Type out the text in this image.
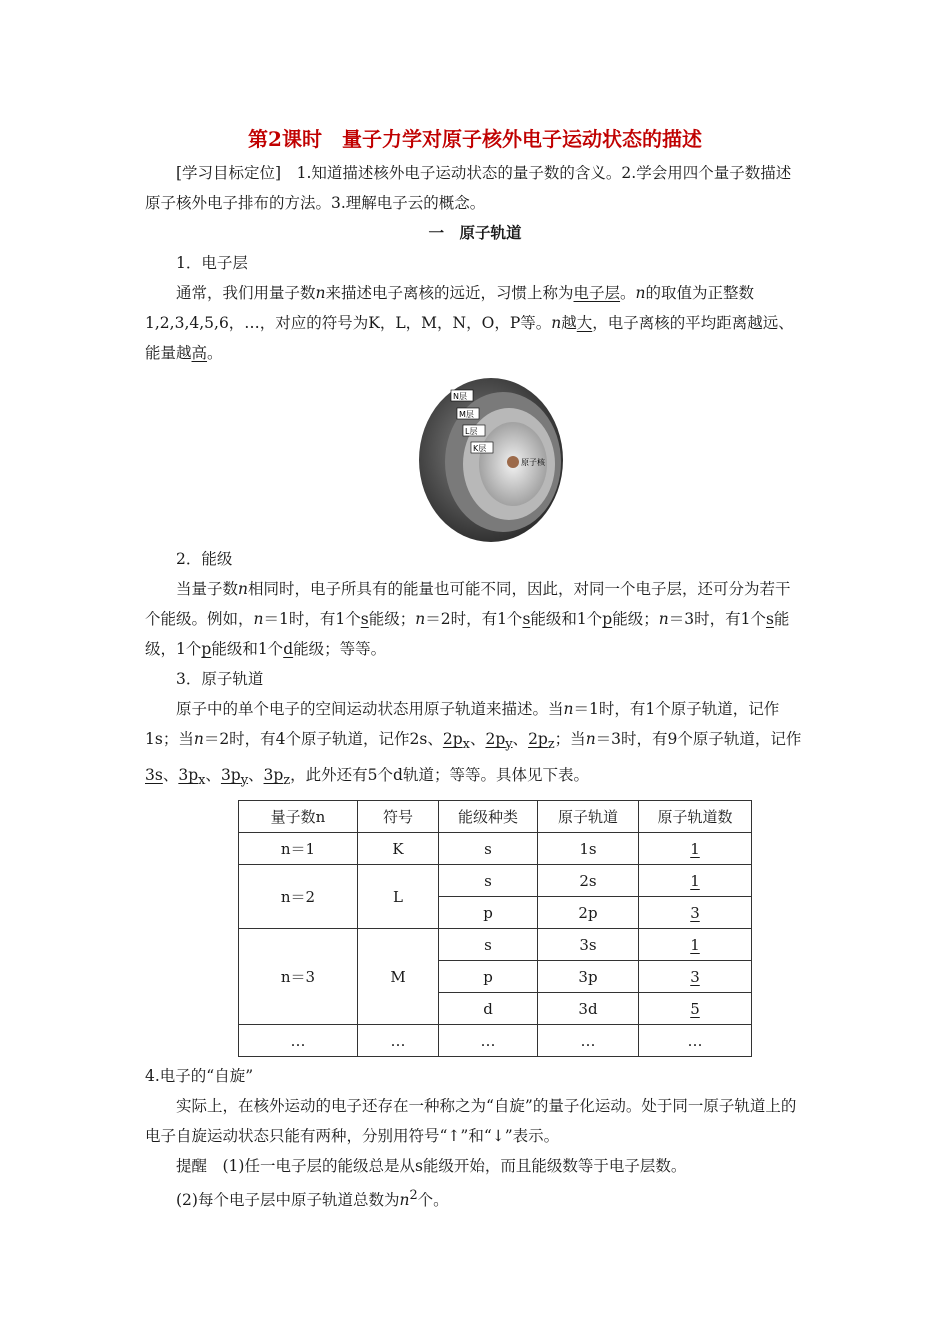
第2课时　量子力学对原子核外电子运动状态的描述

[学习目标定位]　 1.知道描述核外电子运动状态的量子数的含义。2.学会用四个量子数描述原子核外电子排布的方法。3.理解电子云的概念。

一　原子轨道

1．电子层

通常，我们用量子数n来描述电子离核的远近，习惯上称为电子层。n的取值为正整数1,2,3,4,5,6，…，对应的符号为K，L，M，N，O，P等。n越大，电子离核的平均距离越远、能量越高。

N层
M层
L层
K层
原子核

2．能级

当量子数n相同时，电子所具有的能量也可能不同，因此，对同一个电子层，还可分为若干个能级。例如，n＝1时，有1个s能级；n＝2时，有1个s能级和1个p能级；n＝3时，有1个s能级，1个p能级和1个d能级；等等。

3．原子轨道

原子中的单个电子的空间运动状态用原子轨道来描述。当n＝1时，有1个原子轨道，记作1s；当n＝2时，有4个原子轨道，记作2s、$2p_x$、$2p_y$、$2p_z$；当n＝3时，有9个原子轨道，记作3s、$3p_x$、$3p_y$、$3p_z$，此外还有5个d轨道；等等。具体见下表。

量子数n	符号	能级种类	原子轨道	原子轨道数
n＝1	K	s	1s	1
n＝2	L	s	2s	1
		p	2p	3
n＝3	M	s	3s	1
		p	3p	3
		d	3d	5
…	…	…	…	…

4.电子的“自旋”

实际上，在核外运动的电子还存在一种称之为“自旋”的量子化运动。处于同一原子轨道上的电子自旋运动状态只能有两种，分别用符号“↑”和“↓”表示。

提醒　(1)任一电子层的能级总是从s能级开始，而且能级数等于电子层数。

(2)每个电子层中原子轨道总数为$n^2$个。
